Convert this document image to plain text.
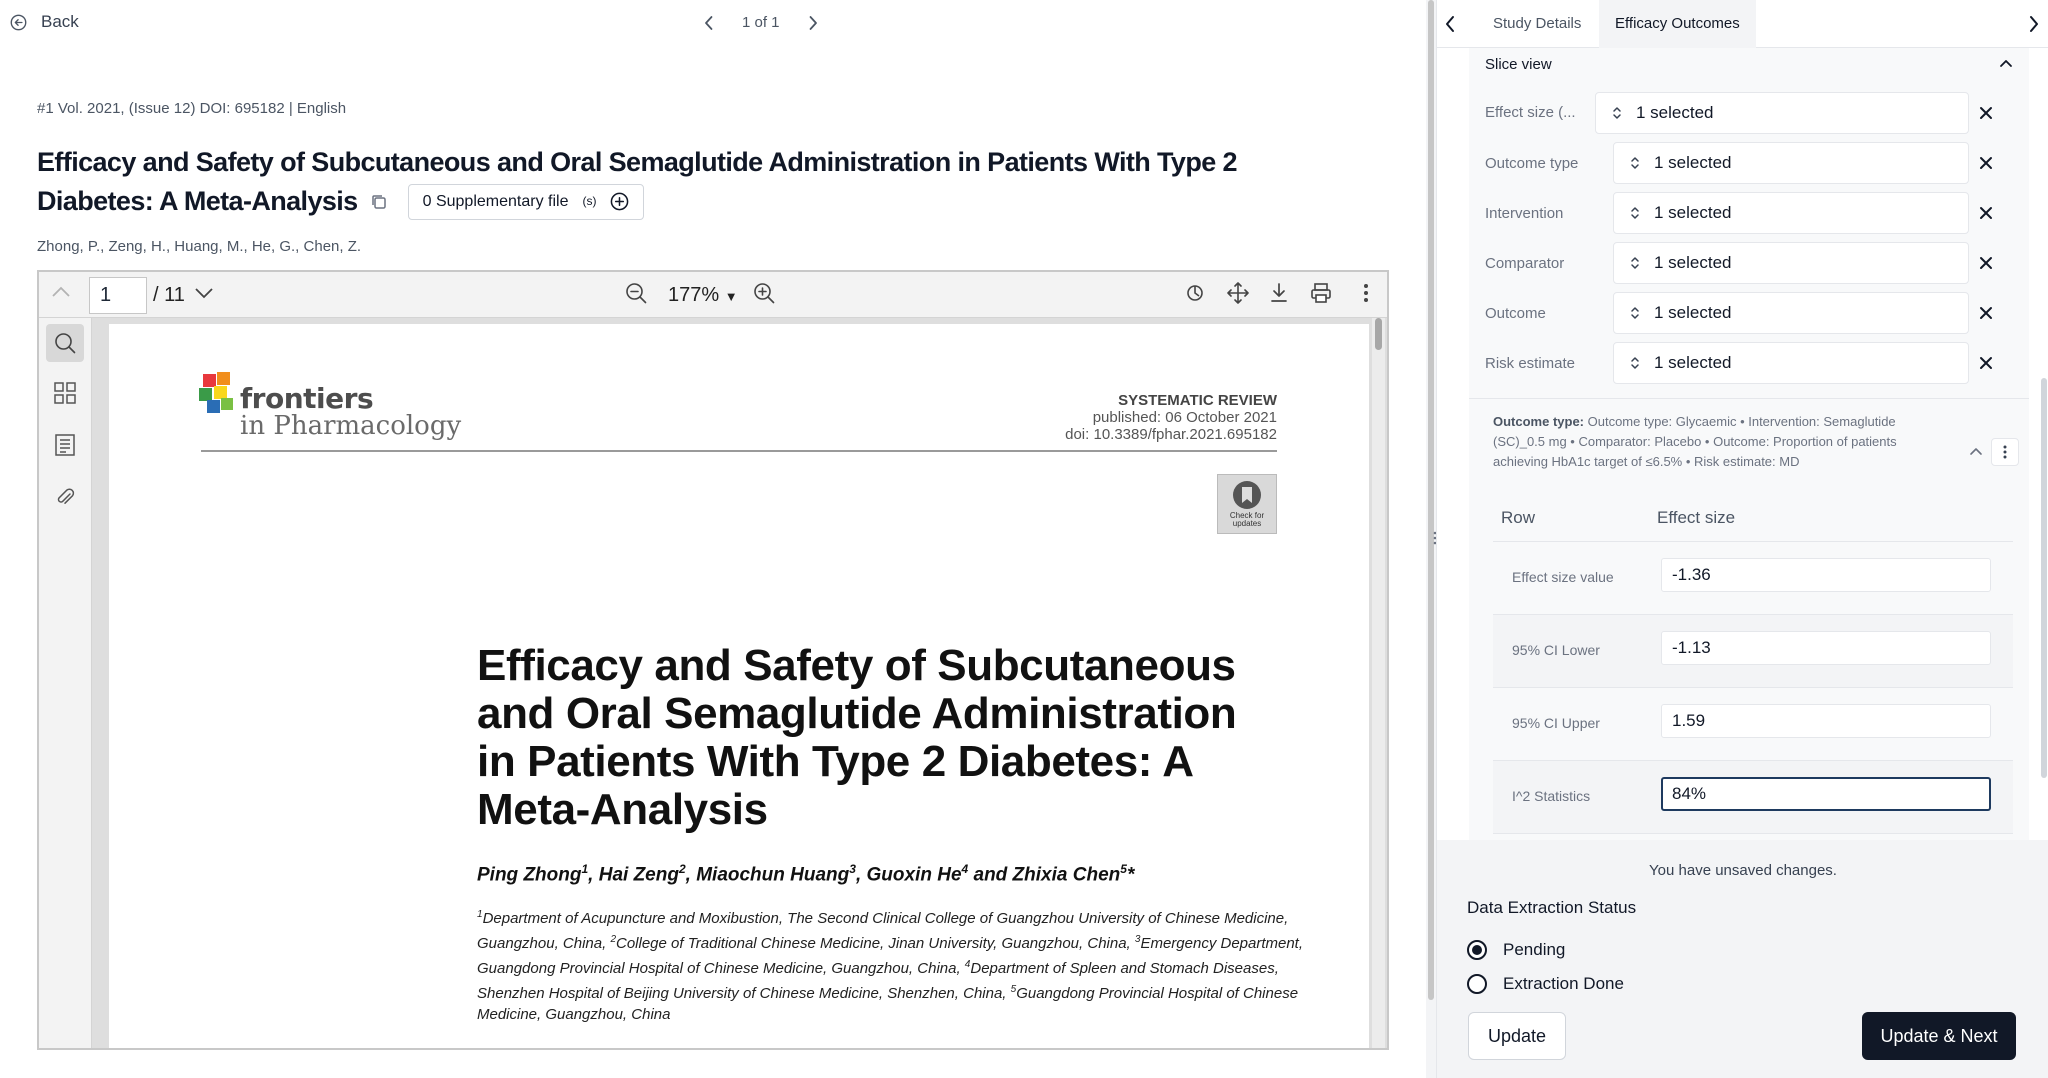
Back	1 of 1
#1 Vol. 2021, (Issue 12) DOI: 695182 | English
Efficacy and Safety of Subcutaneous and Oral Semaglutide Administration in Patients With Type 2
Diabetes: A Meta-Analysis	0 Supplementary file (s)
Zhong, P., Zeng, H., Huang, M., He, G., Chen, Z.
1	/ 11	177% ▼
frontiers
in Pharmacology
SYSTEMATIC REVIEW
published: 06 October 2021
doi: 10.3389/fphar.2021.695182
Check for updates
Efficacy and Safety of Subcutaneous
and Oral Semaglutide Administration
in Patients With Type 2 Diabetes: A
Meta-Analysis
Ping Zhong$^1$, Hai Zeng$^2$, Miaochun Huang$^3$, Guoxin He$^4$ and Zhixia Chen$^5$*
$^1$Department of Acupuncture and Moxibustion, The Second Clinical College of Guangzhou University of Chinese Medicine,
Guangzhou, China, $^2$College of Traditional Chinese Medicine, Jinan University, Guangzhou, China, $^3$Emergency Department,
Guangdong Provincial Hospital of Chinese Medicine, Guangzhou, China, $^4$Department of Spleen and Stomach Diseases,
Shenzhen Hospital of Beijing University of Chinese Medicine, Shenzhen, China, $^5$Guangdong Provincial Hospital of Chinese
Medicine, Guangzhou, China
Study Details	Efficacy Outcomes
Slice view
Effect size (...	1 selected
Outcome type	1 selected
Intervention	1 selected
Comparator	1 selected
Outcome	1 selected
Risk estimate	1 selected
Outcome type: Outcome type: Glycaemic • Intervention: Semaglutide (SC)_0.5 mg • Comparator: Placebo • Outcome: Proportion of patients achieving HbA1c target of ≤6.5% • Risk estimate: MD
Row	Effect size
Effect size value	-1.36
95% CI Lower	-1.13
95% CI Upper	1.59
I^2 Statistics	84%
You have unsaved changes.
Data Extraction Status
Pending
Extraction Done
Update	Update & Next
